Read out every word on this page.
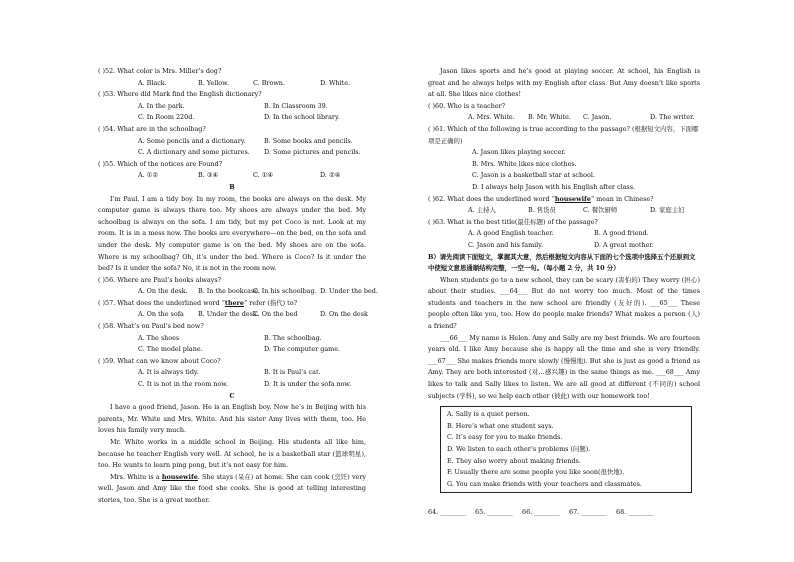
( )52. What color is Mrs. Miller’s dog?
A. Black.	B. Yellow.	C. Brown.	D. White.
( )53. Where did Mark find the English dictionary?
A. In the park.	B. In Classroom 39.
C. In Room 220d.	D. In the school library.
( )54. What are in the schoolbag?
A. Some pencils and a dictionary.	B. Some books and pencils.
C. A dictionary and some pictures. D. Some pictures and pencils.
( )55. Which of the notices are Found?
A. ①②	B. ③④	C. ①④	D. ②④
B
I’m Paul. I am a tidy boy. In my room, the books are always on the desk. My computer game is always there too. My shoes are always under the bed. My schoolbag is always on the sofa. I am tidy, but my pet Coco is not. Look at my room. It is in a mess now. The books are everywhere—on the bed, on the sofa and under the desk. My computer game is on the bed. My shoes are on the sofa. Where is my schoolbag? Oh, it’s under the bed. Where is Coco? Is it under the bed? Is it under the sofa? No, it is not in the room now.
( )56. Where are Paul’s books always?
A. On the desk. B. In the bookcase.
C. In his schoolbag. D. Under the bed.
( )57. What does the underlined word “there” refer (指代) to?
A. On the sofa B. Under the desk.
C. On the bed	D. On the desk
( )58. What’s on Paul’s bed now?
A. The shoes	B. The schoolbag.
C. The model plane.	D. The computer game.
( )59. What can we know about Coco?
A. It is always tidy.	B. It is Paul’s cat.
C. It is not in the room now.	D. It is under the sofa now.
C
I have a good friend, Jason. He is an English boy. Now he’s in Beijing with his parents, Mr. White and Mrs. White. And his sister Amy lives with them, too. He loves his family very much.
Mr. White works in a middle school in Beijing. His students all like him, because he teacher English very well. At school, he is a basketball star (篮球明星), too. He wants to learn ping pong, but it’s not easy for him.
Mrs. White is a housewife. She stays (呆在) at home. She can cook (烹饪) very well. Jason and Amy like the food she cooks. She is good at telling interesting stories, too. She is a great mother.
Jason likes sports and he’s good at playing soccer. At school, his English is great and he always helps with my English after class. But Amy doesn’t like sports at all. She likes nice clothes!
( )60. Who is a teacher?
A. Mrs. White. B. Mr. White. C. Jason.	D. The writer.
( )61. Which of the following is true according to the passage? (根据短文内容，下面哪项是正确的)
A. Jason likes playing soccer.
B. Mrs. White likes nice clothes.
C. Jason is a basketball star at school.
D. I always help Jason with his English after class.
( )62. What does the underlined word “housewife” mean in Chinese?
A. 主持人	B. 售货员	C. 餐饮厨师	D. 家庭主妇
( )63. What is the best title(最佳标题) of the passage?
A. A good English teacher.	B. A good friend.
C. Jason and his family.	D. A great mother.
B）请先阅读下面短文，掌握其大意，然后根据短文内容从下面的七个选项中选择五个还原到文中使短文意思通顺结构完整，一空一句。（每小题 2 分，共 10 分）
When students go to a new school, they can be scary (害怕的) They worry (担心) about their studies. ___64___ But do not worry too much. Most of the times students and teachers in the new school are friendly (友好的). ___65___ These people often like you, too. How do people make friends? What makes a person (人) a friend?
___66___ My name is Helen. Amy and Sally are my best friends. We are fourteen years old. I like Amy because she is happy all the time and she is very friendly. ___67___ She makes friends more slowly (慢慢地). But she is just as good a friend as Amy. They are both interested (对…感兴趣) in the same things as me. ___68___ Amy likes to talk and Sally likes to listen. We are all good at different (不同的) school subjects (学科), so we help each other (彼此) with our homework too!
A. Sally is a quiet person.
B. Here’s what one student says.
C. It’s easy for you to make friends.
D. We listen to each other’s problems (问题).
E. They also worry about making friends.
F. Usually there are some people you like soon(很快地).
G. You can make friends with your teachers and classmates.
64. ________ 65. ________ 66. ________ 67. ________ 68. ________
